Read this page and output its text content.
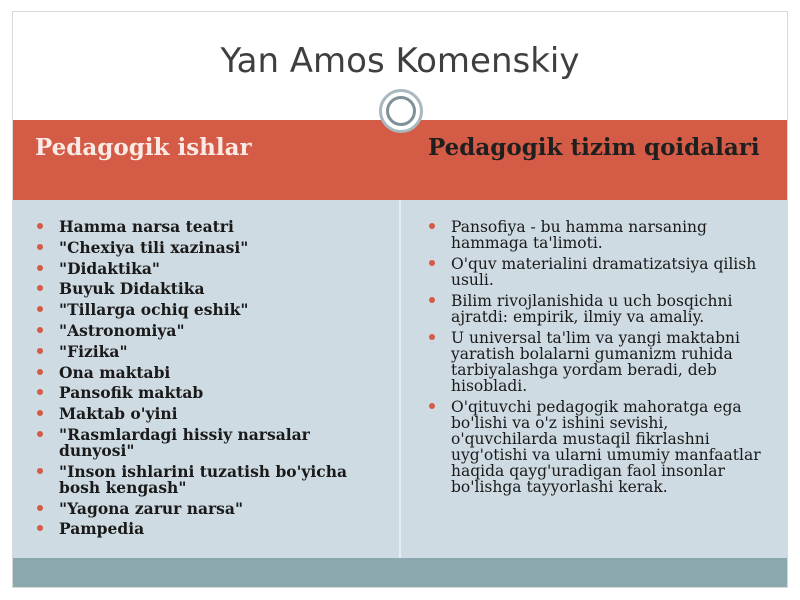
Yan Amos Komenskiy
Pedagogik ishlar	Pedagogik tizim qoidalari
Hamma narsa teatri
"Chexiya tili xazinasi"
"Didaktika"
Buyuk Didaktika
"Tillarga ochiq eshik"
"Astronomiya"
"Fizika"
Ona maktabi
Pansofik maktab
Maktab o'yini
"Rasmlardagi hissiy narsalar dunyosi"
"Inson ishlarini tuzatish bo'yicha bosh kengash"
"Yagona zarur narsa"
Pampedia
Pansofiya - bu hamma narsaning hammaga ta'limoti.
O'quv materialini dramatizatsiya qilish usuli.
Bilim rivojlanishida u uch bosqichni ajratdi: empirik, ilmiy va amaliy.
U universal ta'lim va yangi maktabni yaratish bolalarni gumanizm ruhida tarbiyalashga yordam beradi, deb hisobladi.
O'qituvchi pedagogik mahoratga ega bo'lishi va o'z ishini sevishi, o'quvchilarda mustaqil fikrlashni uyg'otishi va ularni umumiy manfaatlar haqida qayg'uradigan faol insonlar bo'lishga tayyorlashi kerak.
